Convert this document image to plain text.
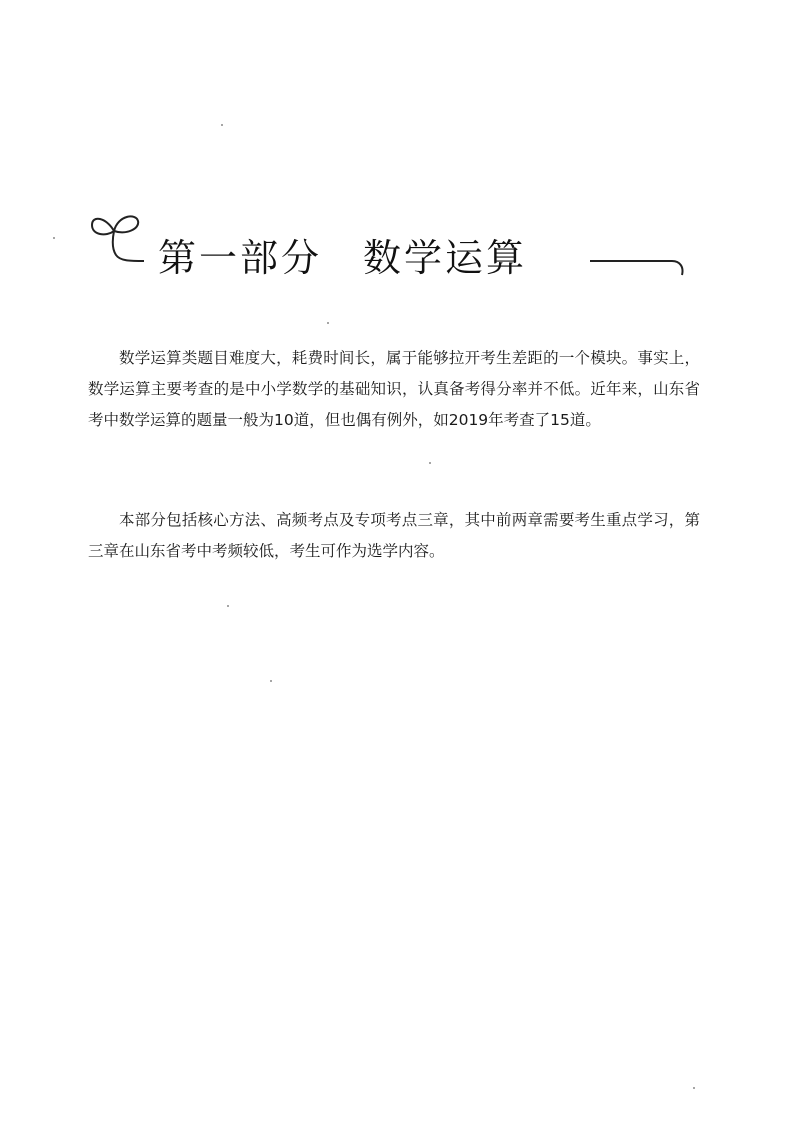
第一部分　数学运算

数学运算类题目难度大，耗费时间长，属于能够拉开考生差距的一个模块。事实上，数学运算主要考查的是中小学数学的基础知识，认真备考得分率并不低。近年来，山东省考中数学运算的题量一般为10道，但也偶有例外，如2019年考查了15道。

本部分包括核心方法、高频考点及专项考点三章，其中前两章需要考生重点学习，第三章在山东省考中考频较低，考生可作为选学内容。
